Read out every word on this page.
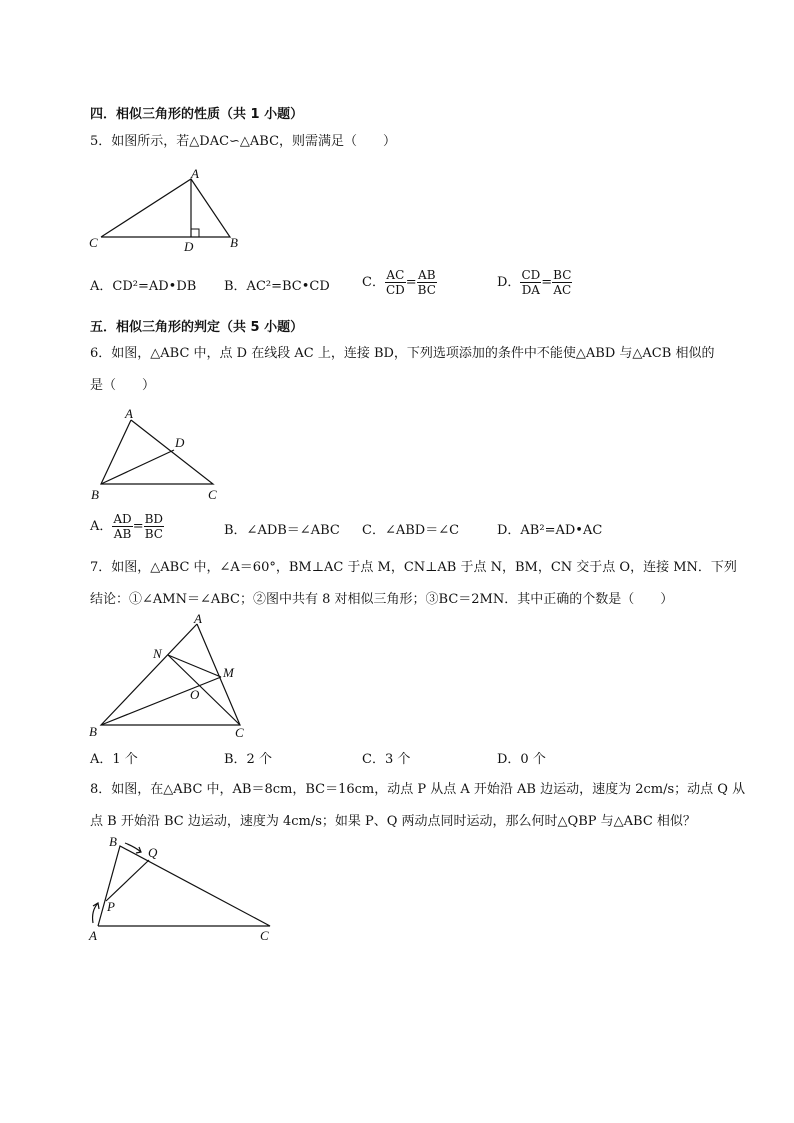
四．相似三角形的性质（共 1 小题）
5．如图所示，若△DAC∽△ABC，则需满足（　　）
A
C	D	B
A．CD²=AD•DB B．AC²=BC•CD C． $\frac{AC}{CD} = \frac{AB}{BC}$	D． $\frac{CD}{DA} = \frac{BC}{AC}$
五．相似三角形的判定（共 5 小题）
6．如图，△ABC 中，点 D 在线段 AC 上，连接 BD，下列选项添加的条件中不能使△ABD 与△ACB 相似的
是（　　）
A
D
B	C
A． $\frac{AD}{AB} = \frac{BD}{BC}$	B．∠ADB＝∠ABC C．∠ABD＝∠C	D．AB²=AD•AC
7．如图，△ABC 中，∠A＝60°，BM⊥AC 于点 M，CN⊥AB 于点 N，BM，CN 交于点 O，连接 MN．下列
结论：①∠AMN＝∠ABC；②图中共有 8 对相似三角形；③BC＝2MN．其中正确的个数是（　　）
A
N
M
O
B	C
A．1 个	B．2 个	C．3 个	D．0 个
8．如图，在△ABC 中，AB＝8cm，BC＝16cm，动点 P 从点 A 开始沿 AB 边运动，速度为 2cm/s；动点 Q 从
点 B 开始沿 BC 边运动，速度为 4cm/s；如果 P、Q 两动点同时运动，那么何时△QBP 与△ABC 相似？
B
Q
P
A	C
